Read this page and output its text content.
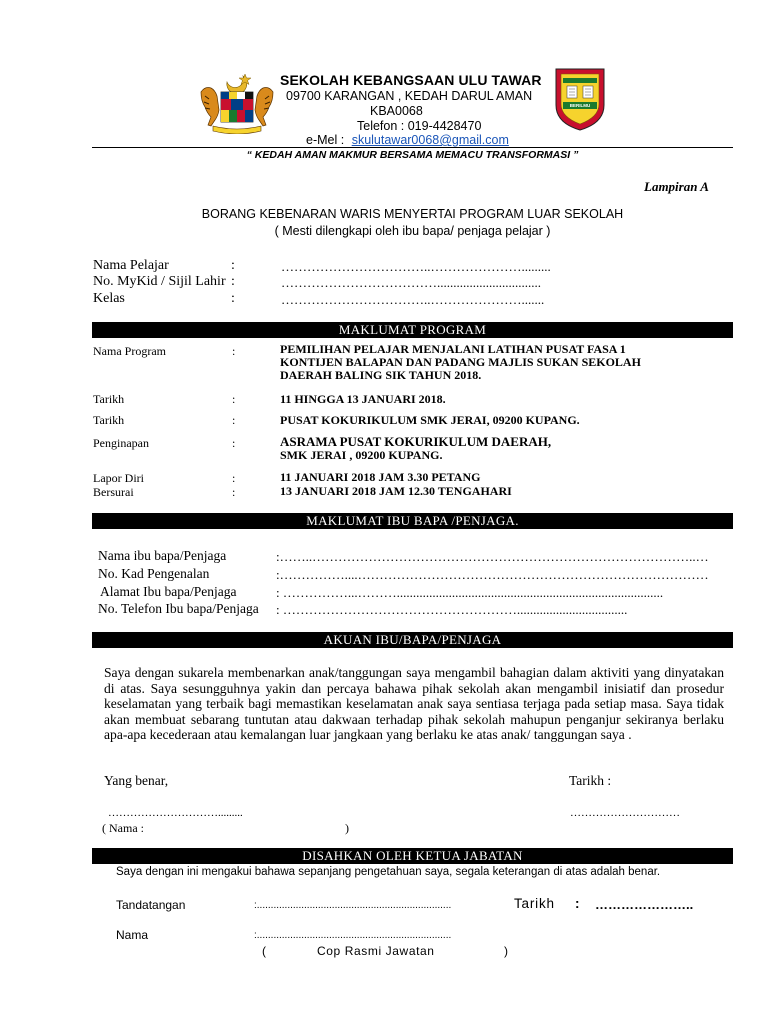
SEKOLAH KEBANGSAAN ULU TAWAR
09700 KARANGAN , KEDAH DARUL AMAN
KBA0068
Telefon : 019-4428470
e-Mel : skulutawar0068@gmail.com
BERILMU
“ KEDAH AMAN MAKMUR BERSAMA MEMACU TRANSFORMASI ”
Lampiran A
BORANG KEBENARAN WARIS MENYERTAI PROGRAM LUAR SEKOLAH
( Mesti dilengkapi oleh ibu bapa/ penjaga pelajar )
Nama Pelajar	:	……………………………..………………….........
No. MyKid / Sijil Lahir :	………………………………................................
Kelas	:	……………………………..………………….......
MAKLUMAT PROGRAM
Nama Program	:	PEMILIHAN PELAJAR MENJALANI LATIHAN PUSAT FASA 1 KONTIJEN BALAPAN DAN PADANG MAJLIS SUKAN SEKOLAH DAERAH BALING SIK TAHUN 2018.
Tarikh	:	11 HINGGA 13 JANUARI 2018.
Tarikh	:	PUSAT KOKURIKULUM SMK JERAI, 09200 KUPANG.
Penginapan	:	ASRAMA PUSAT KOKURIKULUM DAERAH,
SMK JERAI , 09200 KUPANG.
Lapor Diri	:	11 JANUARI 2018 JAM 3.30 PETANG
Bersurai	:	13 JANUARI 2018 JAM 12.30 TENGAHARI
MAKLUMAT IBU BAPA /PENJAGA.
Nama ibu bapa/Penjaga	:……..……………………………………………………………………………..…
No. Kad Pengenalan	:……………....………………………………………………………………………
Alamat Ibu bapa/Penjaga	: ……………...………..................................................................................
No. Telefon Ibu bapa/Penjaga : ………………………………………………..................................
AKUAN IBU/BAPA/PENJAGA
Saya dengan sukarela membenarkan anak/tanggungan saya mengambil bahagian dalam aktiviti yang dinyatakan di atas. Saya sesungguhnya yakin dan percaya bahawa pihak sekolah akan mengambil inisiatif dan prosedur keselamatan yang terbaik bagi memastikan keselamatan anak saya sentiasa terjaga pada setiap masa. Saya tidak akan membuat sebarang tuntutan atau dakwaan terhadap pihak sekolah mahupun penganjur sekiranya berlaku apa-apa kecederaan atau kemalangan luar jangkaan yang berlaku ke atas anak/ tanggungan saya .
Yang benar,	Tarikh :
………………………….........	…………………………
( Nama :	)
DISAHKAN OLEH KETUA JABATAN
Saya dengan ini mengakui bahawa sepanjang pengetahuan saya, segala keterangan di atas adalah benar.
Tandatangan	:......................................................................	Tarikh : …………………..
Nama	:......................................................................
(	Cop Rasmi Jawatan	)
